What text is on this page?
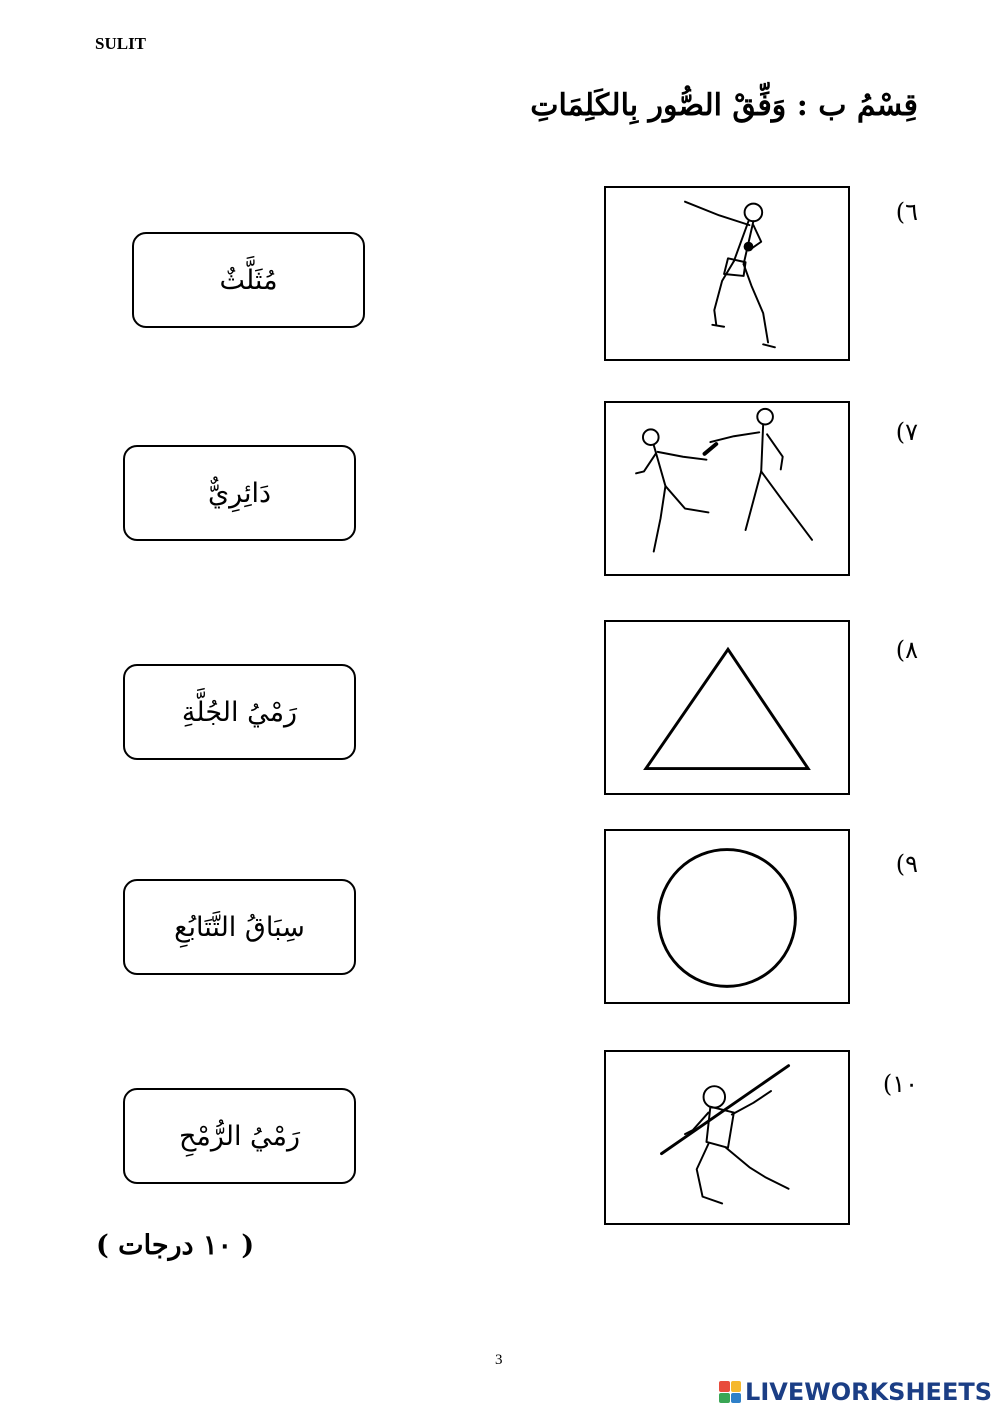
SULIT
قِسْمُ ب : وَفِّقْ الصُّور بِالكَلِمَاتِ
مُثَلَّثٌ
دَائِرِيٌّ
رَمْيُ الجُلَّةِ
سِبَاقُ التَّتَابُعِ
رَمْيُ الرُّمْحِ
٦)
٧)
٨)
٩)
١٠)
( ١٠ درجات )
3
LIVEWORKSHEETS
